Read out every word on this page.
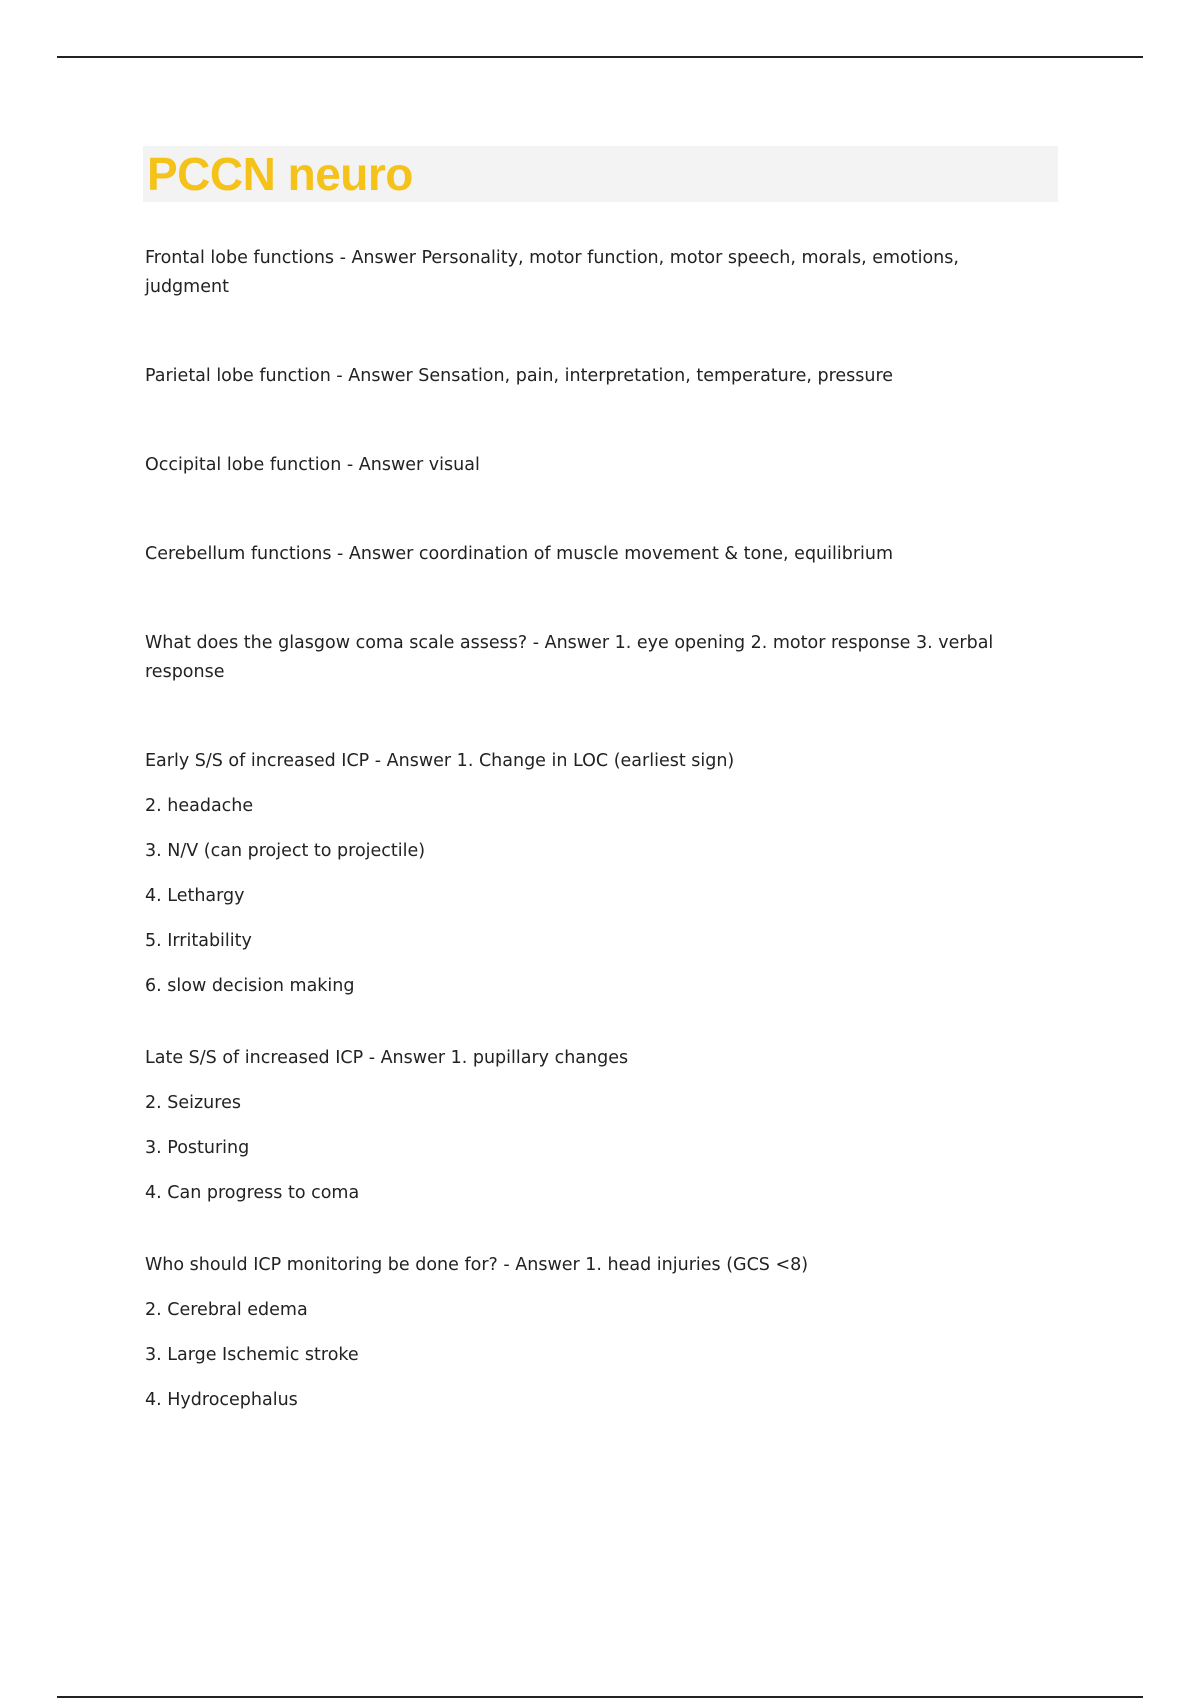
PCCN neuro

Frontal lobe functions - Answer Personality, motor function, motor speech, morals, emotions, judgment

Parietal lobe function - Answer Sensation, pain, interpretation, temperature, pressure

Occipital lobe function - Answer visual

Cerebellum functions - Answer coordination of muscle movement & tone, equilibrium

What does the glasgow coma scale assess? - Answer 1. eye opening 2. motor response 3. verbal response

Early S/S of increased ICP - Answer 1. Change in LOC (earliest sign)
2. headache
3. N/V (can project to projectile)
4. Lethargy
5. Irritability
6. slow decision making
Late S/S of increased ICP - Answer 1. pupillary changes
2. Seizures
3. Posturing
4. Can progress to coma
Who should ICP monitoring be done for? - Answer 1. head injuries (GCS <8)
2. Cerebral edema
3. Large Ischemic stroke
4. Hydrocephalus
